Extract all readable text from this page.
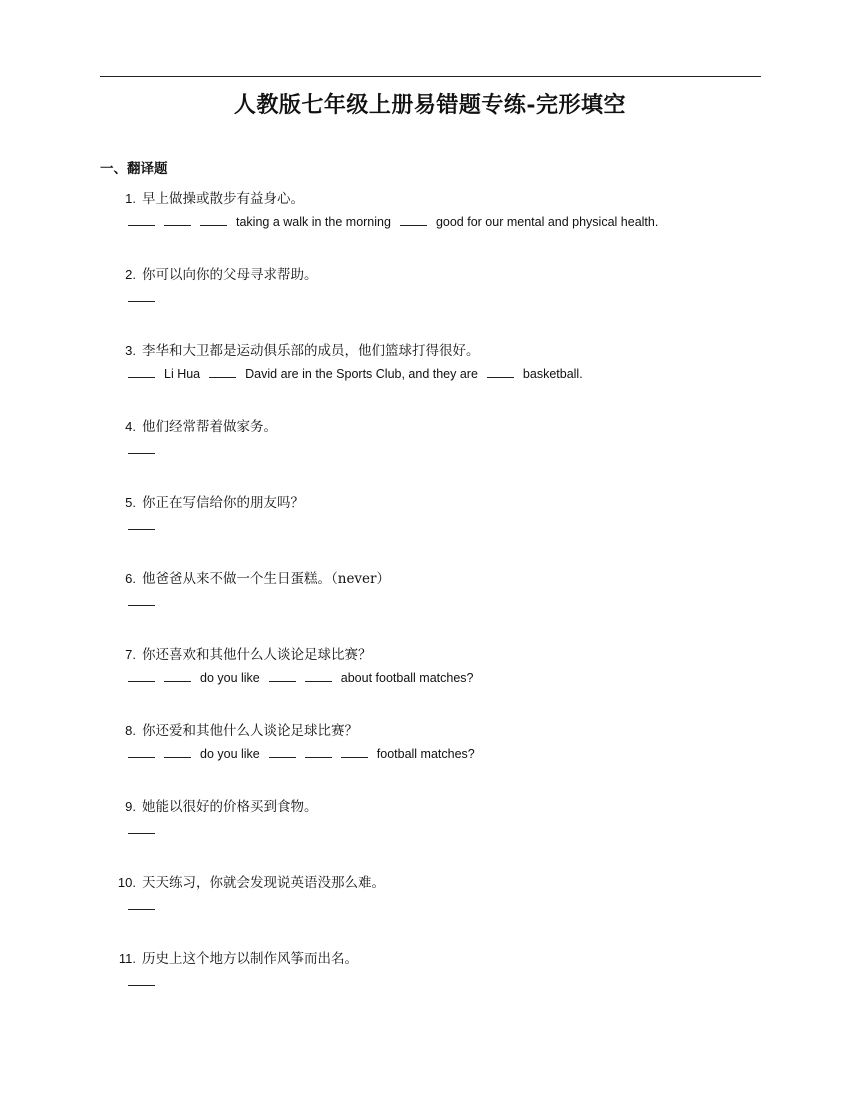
人教版七年级上册易错题专练-完形填空
一、翻译题
1. 早上做操或散步有益身心。
taking a walk in the morning	good for our mental and physical health.
2. 你可以向你的父母寻求帮助。
3. 李华和大卫都是运动俱乐部的成员，他们篮球打得很好。
Li Hua	David are in the Sports Club, and they are	basketball.
4. 他们经常帮着做家务。
5. 你正在写信给你的朋友吗？
6. 他爸爸从来不做一个生日蛋糕。（never）
7. 你还喜欢和其他什么人谈论足球比赛？
do you like	about football matches?
8. 你还爱和其他什么人谈论足球比赛？
do you like	football matches?
9. 她能以很好的价格买到食物。
10. 天天练习，你就会发现说英语没那么难。
11. 历史上这个地方以制作风筝而出名。
